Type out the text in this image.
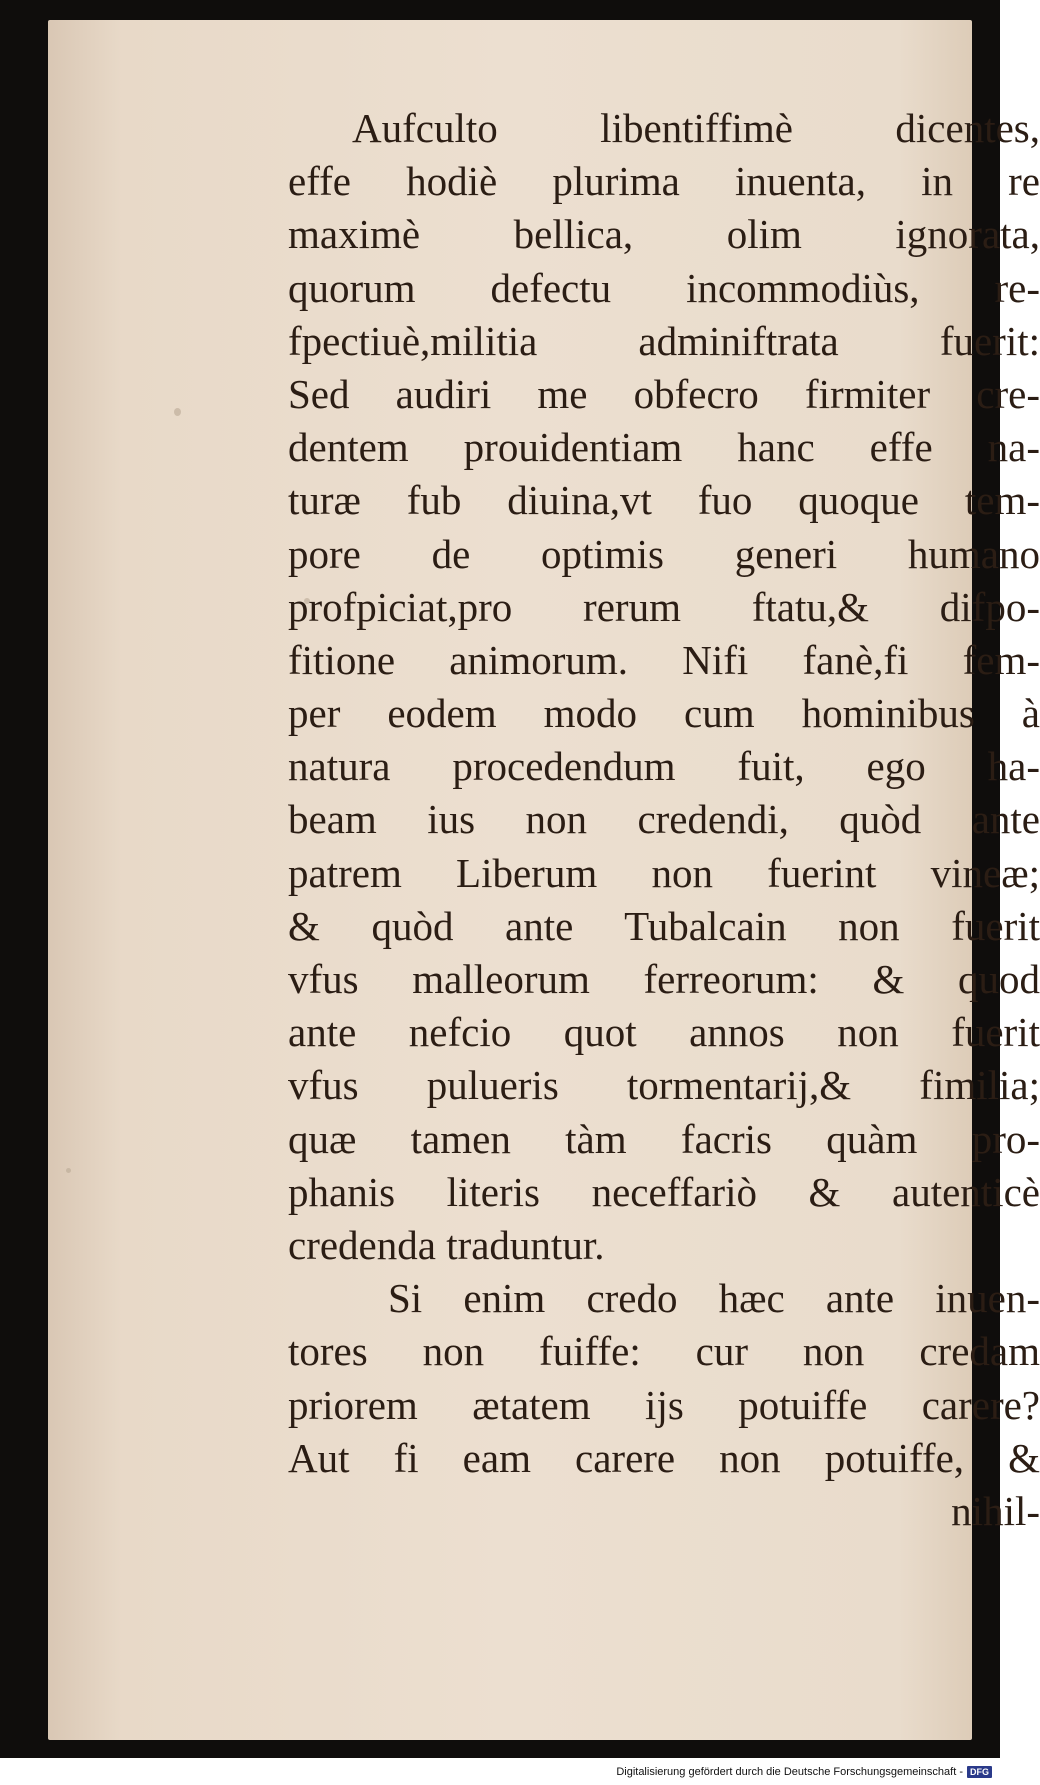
Aufculto libentiffimè dicentes,
effe hodiè plurima inuenta, in re
maximè bellica, olim ignorata,
quorum defectu incommodiùs, re-
fpectiuè,militia adminiftrata fuerit:
Sed audiri me obfecro firmiter cre-
dentem prouidentiam hanc effe na-
turæ fub diuina,vt fuo quoque tem-
pore de optimis generi humano
profpiciat,pro rerum ftatu,& difpo-
fitione animorum. Nifi fanè,fi fem-
per eodem modo cum hominibus à
natura procedendum fuit, ego ha-
beam ius non credendi, quòd ante
patrem Liberum non fuerint vineæ;
& quòd ante Tubalcain non fuerit
vfus malleorum ferreorum: & quod
ante nefcio quot annos non fuerit
vfus pulueris tormentarij,& fimilia;
quæ tamen tàm facris quàm pro-
phanis literis neceffariò & autenticè
credenda traduntur.
Si enim credo hæc ante inuen-
tores non fuiffe: cur non credam
priorem ætatem ijs potuiffe carere?
Aut fi eam carere non potuiffe, &
nihil-
Digitalisierung gefördert durch die Deutsche Forschungsgemeinschaft - DFG
